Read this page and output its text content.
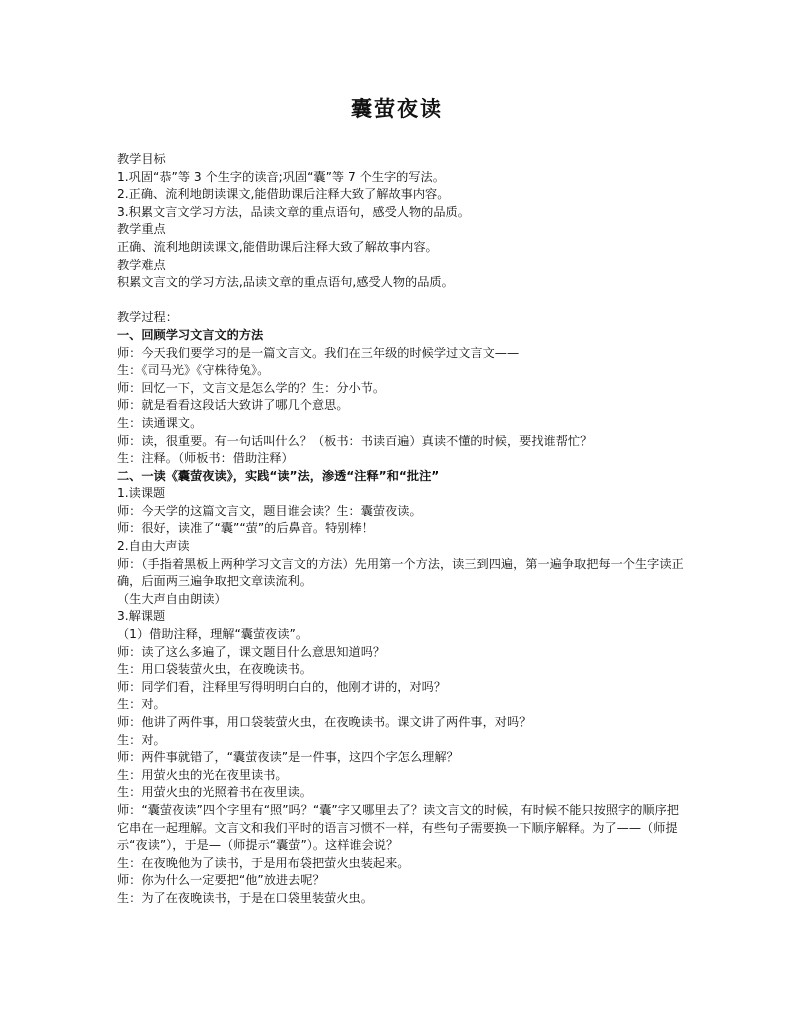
囊萤夜读
教学目标
1.巩固“恭”等 3 个生字的读音;巩固“囊”等 7 个生字的写法。
2.正确、流利地朗读课文,能借助课后注释大致了解故事内容。
3.积累文言文学习方法，品读文章的重点语句，感受人物的品质。
教学重点
正确、流利地朗读课文,能借助课后注释大致了解故事内容。
教学难点
积累文言文的学习方法,品读文章的重点语句,感受人物的品质。
教学过程：
一、回顾学习文言文的方法
师：今天我们要学习的是一篇文言文。我们在三年级的时候学过文言文——
生：《司马光》《守株待兔》。
师：回忆一下，文言文是怎么学的？生：分小节。
师：就是看看这段话大致讲了哪几个意思。
生：读通课文。
师：读，很重要。有一句话叫什么？（板书：书读百遍）真读不懂的时候，要找谁帮忙？
生：注释。（师板书：借助注释）
二、一读《囊萤夜读》，实践“读”法，渗透“注释”和“批注”
1.读课题
师：今天学的这篇文言文，题目谁会读？生：囊萤夜读。
师：很好，读准了“囊”“萤”的后鼻音。特别棒！
2.自由大声读
师：（手指着黑板上两种学习文言文的方法）先用第一个方法，读三到四遍，第一遍争取把每一个生字读正确，后面两三遍争取把文章读流利。
（生大声自由朗读）
3.解课题
（1）借助注释，理解“囊萤夜读”。
师：读了这么多遍了，课文题目什么意思知道吗？
生：用口袋装萤火虫，在夜晚读书。
师：同学们看，注释里写得明明白白的，他刚才讲的，对吗？
生：对。
师：他讲了两件事，用口袋装萤火虫，在夜晚读书。课文讲了两件事，对吗？
生：对。
师：两件事就错了，“囊萤夜读”是一件事，这四个字怎么理解？
生：用萤火虫的光在夜里读书。
生：用萤火虫的光照着书在夜里读。
师：“囊萤夜读”四个字里有“照”吗？“囊”字又哪里去了？读文言文的时候，有时候不能只按照字的顺序把它串在一起理解。文言文和我们平时的语言习惯不一样，有些句子需要换一下顺序解释。为了——（师提示“夜读”），于是—（师提示“囊萤”）。这样谁会说？
生：在夜晚他为了读书，于是用布袋把萤火虫装起来。
师：你为什么一定要把“他”放进去呢？
生：为了在夜晚读书，于是在口袋里装萤火虫。
